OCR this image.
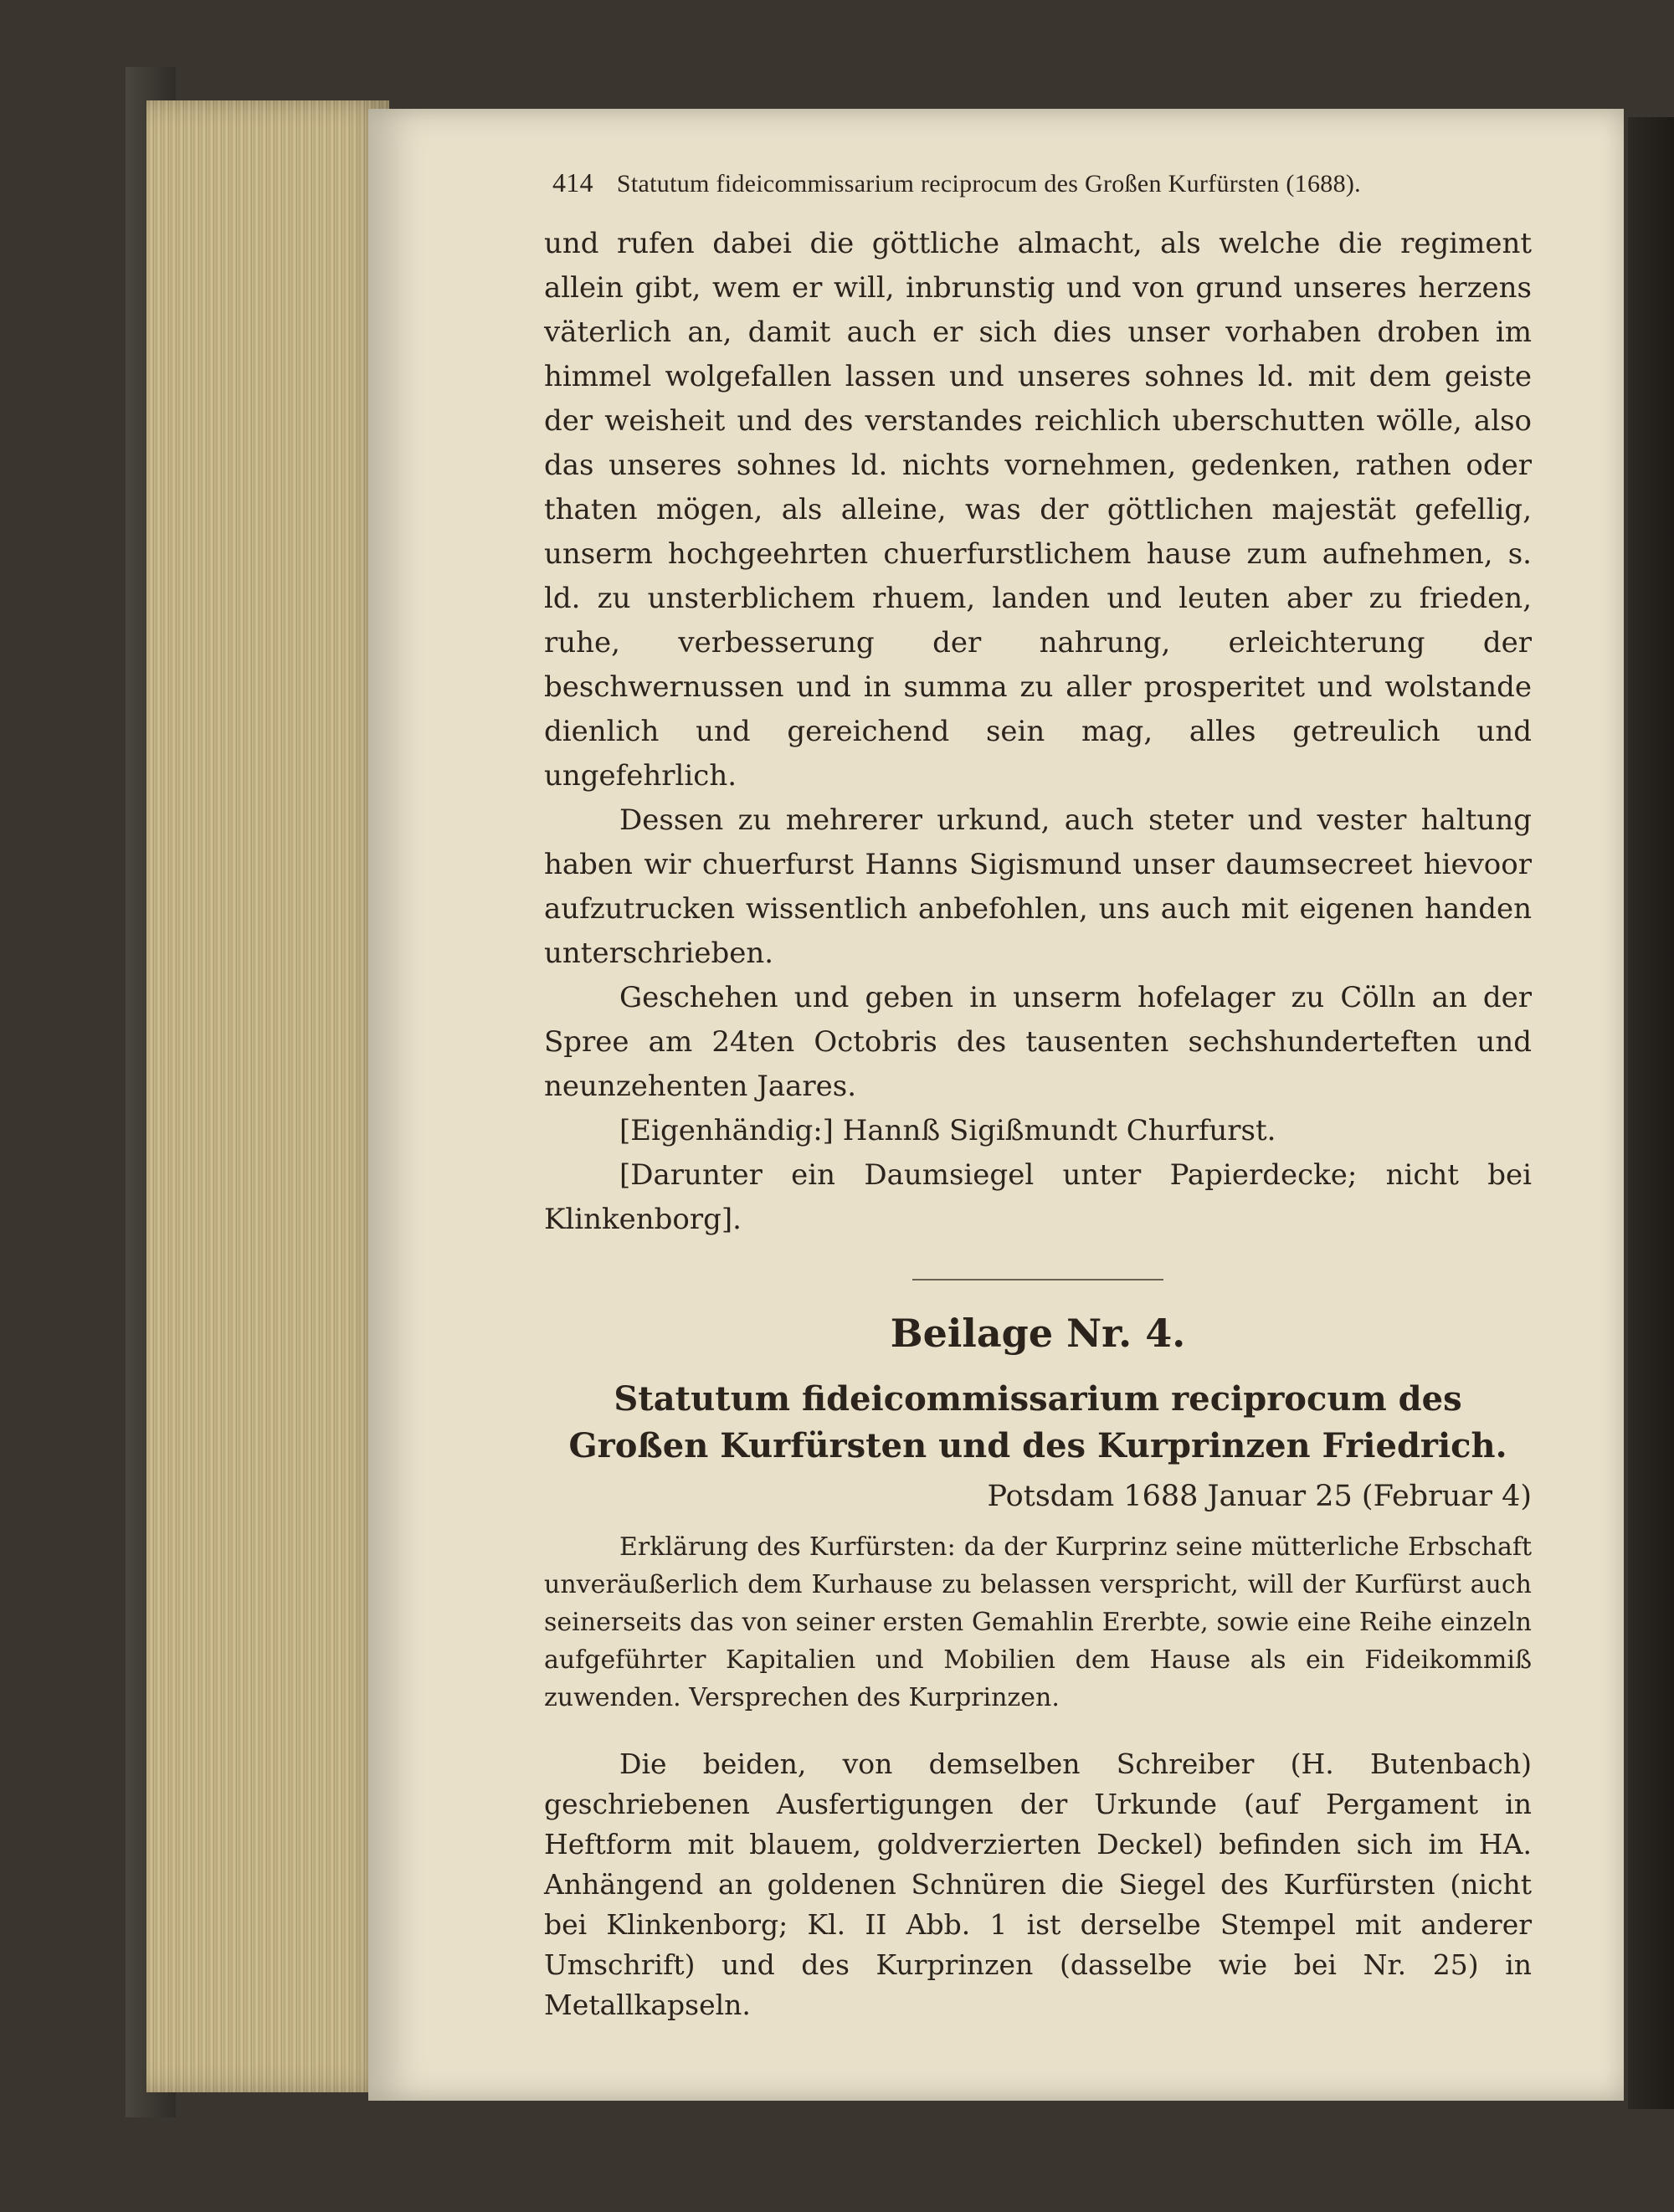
414 Statutum fideicommissarium reciprocum des Großen Kurfürsten (1688).

und rufen dabei die göttliche almacht, als welche die regiment allein gibt, wem er will, inbrunstig und von grund unseres herzens väterlich an, damit auch er sich dies unser vorhaben droben im himmel wolgefallen lassen und unseres sohnes ld. mit dem geiste der weisheit und des verstandes reichlich uberschutten wölle, also das unseres sohnes ld. nichts vornehmen, gedenken, rathen oder thaten mögen, als alleine, was der göttlichen majestät gefellig, unserm hochgeehrten chuerfurstlichem hause zum aufnehmen, s. ld. zu unsterblichem rhuem, landen und leuten aber zu frieden, ruhe, verbesserung der nahrung, erleichterung der beschwernussen und in summa zu aller prosperitet und wolstande dienlich und gereichend sein mag, alles getreulich und ungefehrlich.

Dessen zu mehrerer urkund, auch steter und vester haltung haben wir chuerfurst Hanns Sigismund unser daumsecreet hievoor aufzutrucken wissentlich anbefohlen, uns auch mit eigenen handen unterschrieben.

Geschehen und geben in unserm hofelager zu Cölln an der Spree am 24ten Octobris des tausenten sechshunderteften und neunzehenten Jaares.

[Eigenhändig:] Hannß Sigißmundt Churfurst.

[Darunter ein Daumsiegel unter Papierdecke; nicht bei Klinkenborg].

Beilage Nr. 4.
Statutum fideicommissarium reciprocum des Großen Kurfürsten und des Kurprinzen Friedrich.
Potsdam 1688 Januar 25 (Februar 4)

Erklärung des Kurfürsten: da der Kurprinz seine mütterliche Erbschaft unveräußerlich dem Kurhause zu belassen verspricht, will der Kurfürst auch seinerseits das von seiner ersten Gemahlin Ererbte, sowie eine Reihe einzeln aufgeführter Kapitalien und Mobilien dem Hause als ein Fideikommiß zuwenden. Versprechen des Kurprinzen.

Die beiden, von demselben Schreiber (H. Butenbach) geschriebenen Ausfertigungen der Urkunde (auf Pergament in Heftform mit blauem, goldverzierten Deckel) befinden sich im HA. Anhängend an goldenen Schnüren die Siegel des Kurfürsten (nicht bei Klinkenborg; Kl. II Abb. 1 ist derselbe Stempel mit anderer Umschrift) und des Kurprinzen (dasselbe wie bei Nr. 25) in Metallkapseln.
